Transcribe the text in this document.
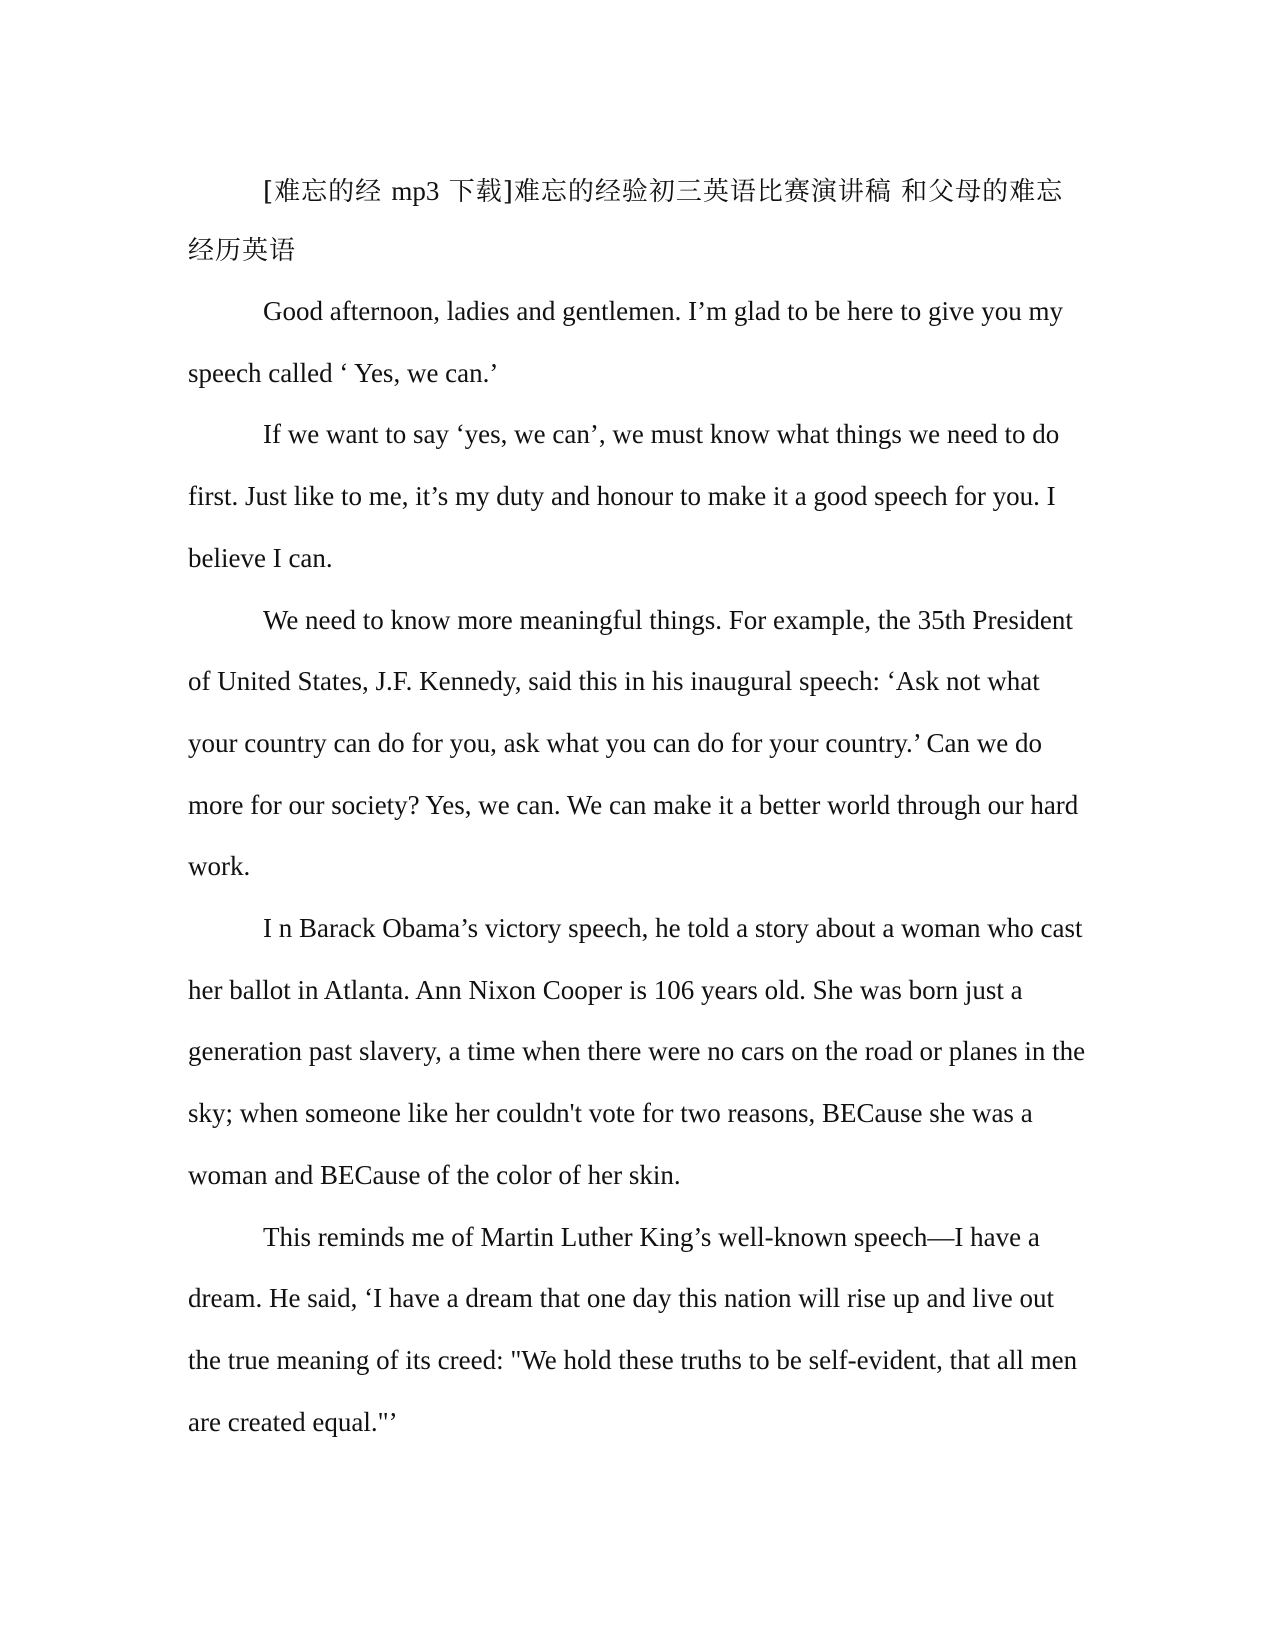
[难忘的经 mp3 下载]难忘的经验初三英语比赛演讲稿 和父母的难忘经历英语

Good afternoon, ladies and gentlemen. I’m glad to be here to give you my speech called ‘ Yes, we can.’

If we want to say ‘yes, we can’, we must know what things we need to do first. Just like to me, it’s my duty and honour to make it a good speech for you. I believe I can.

We need to know more meaningful things. For example, the 35th President of United States, J.F. Kennedy, said this in his inaugural speech: ‘Ask not what your country can do for you, ask what you can do for your country.’ Can we do more for our society? Yes, we can. We can make it a better world through our hard work.

I n Barack Obama’s victory speech, he told a story about a woman who cast her ballot in Atlanta. Ann Nixon Cooper is 106 years old. She was born just a generation past slavery, a time when there were no cars on the road or planes in the sky; when someone like her couldn't vote for two reasons, BECause she was a woman and BECause of the color of her skin.

This reminds me of Martin Luther King’s well-known speech—I have a dream. He said, ‘I have a dream that one day this nation will rise up and live out the true meaning of its creed: "We hold these truths to be self-evident, that all men are created equal."’
